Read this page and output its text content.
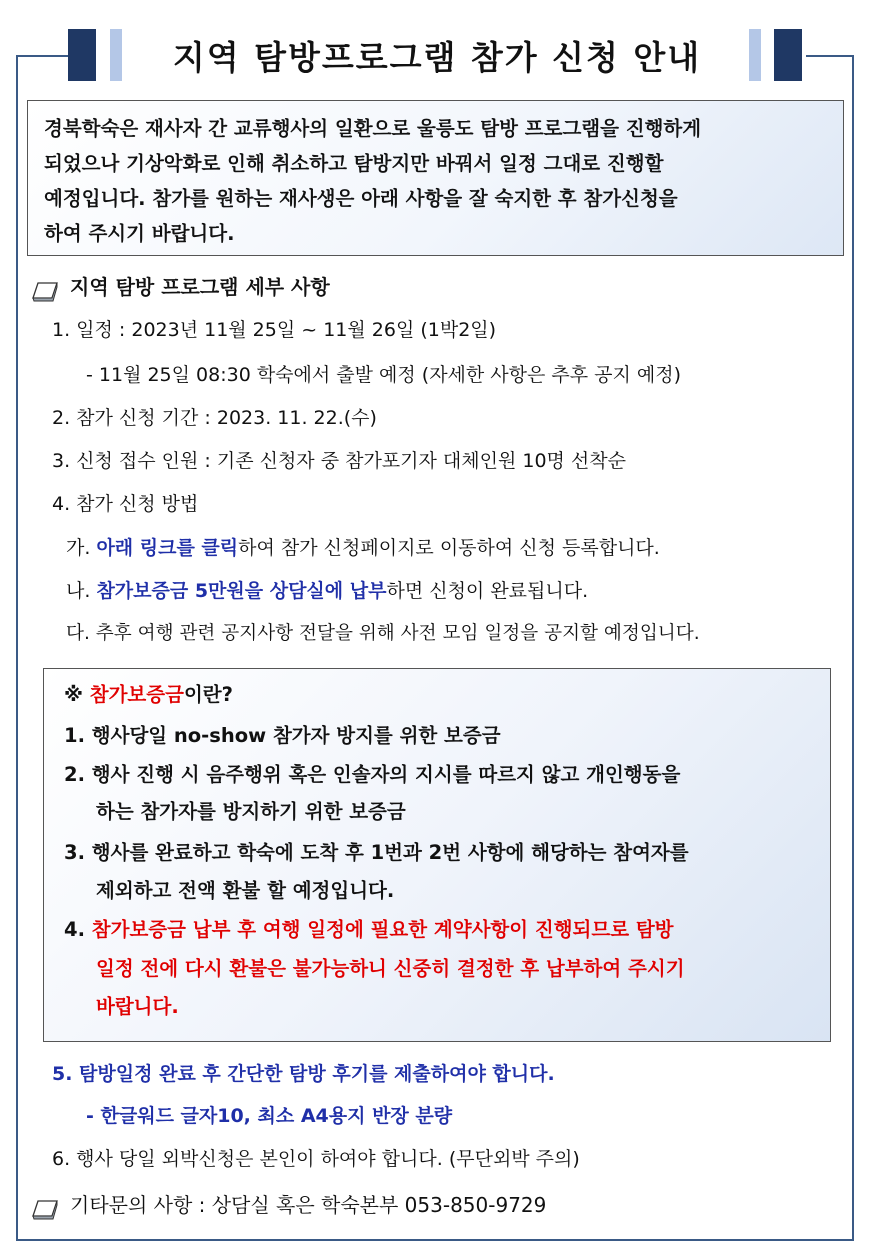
지역 탐방프로그램 참가 신청 안내
경북학숙은 재사자 간 교류행사의 일환으로 울릉도 탐방 프로그램을 진행하게
되었으나 기상악화로 인해 취소하고 탐방지만 바꿔서 일정 그대로 진행할
예정입니다. 참가를 원하는 재사생은 아래 사항을 잘 숙지한 후 참가신청을
하여 주시기 바랍니다.
지역 탐방 프로그램 세부 사항
1. 일정 : 2023년 11월 25일 ~ 11월 26일 (1박2일)
- 11월 25일 08:30 학숙에서 출발 예정 (자세한 사항은 추후 공지 예정)
2. 참가 신청 기간 : 2023. 11. 22.(수)
3. 신청 접수 인원 : 기존 신청자 중 참가포기자 대체인원 10명 선착순
4. 참가 신청 방법
가. 아래 링크를 클릭하여 참가 신청페이지로 이동하여 신청 등록합니다.
나. 참가보증금 5만원을 상담실에 납부하면 신청이 완료됩니다.
다. 추후 여행 관련 공지사항 전달을 위해 사전 모임 일정을 공지할 예정입니다.
※ 참가보증금이란?
1. 행사당일 no-show 참가자 방지를 위한 보증금
2. 행사 진행 시 음주행위 혹은 인솔자의 지시를 따르지 않고 개인행동을
하는 참가자를 방지하기 위한 보증금
3. 행사를 완료하고 학숙에 도착 후 1번과 2번 사항에 해당하는 참여자를
제외하고 전액 환불 할 예정입니다.
4. 참가보증금 납부 후 여행 일정에 필요한 계약사항이 진행되므로 탐방
일정 전에 다시 환불은 불가능하니 신중히 결정한 후 납부하여 주시기
바랍니다.
5. 탐방일정 완료 후 간단한 탐방 후기를 제출하여야 합니다.
- 한글워드 글자10, 최소 A4용지 반장 분량
6. 행사 당일 외박신청은 본인이 하여야 합니다. (무단외박 주의)
기타문의 사항 : 상담실 혹은 학숙본부 053-850-9729
